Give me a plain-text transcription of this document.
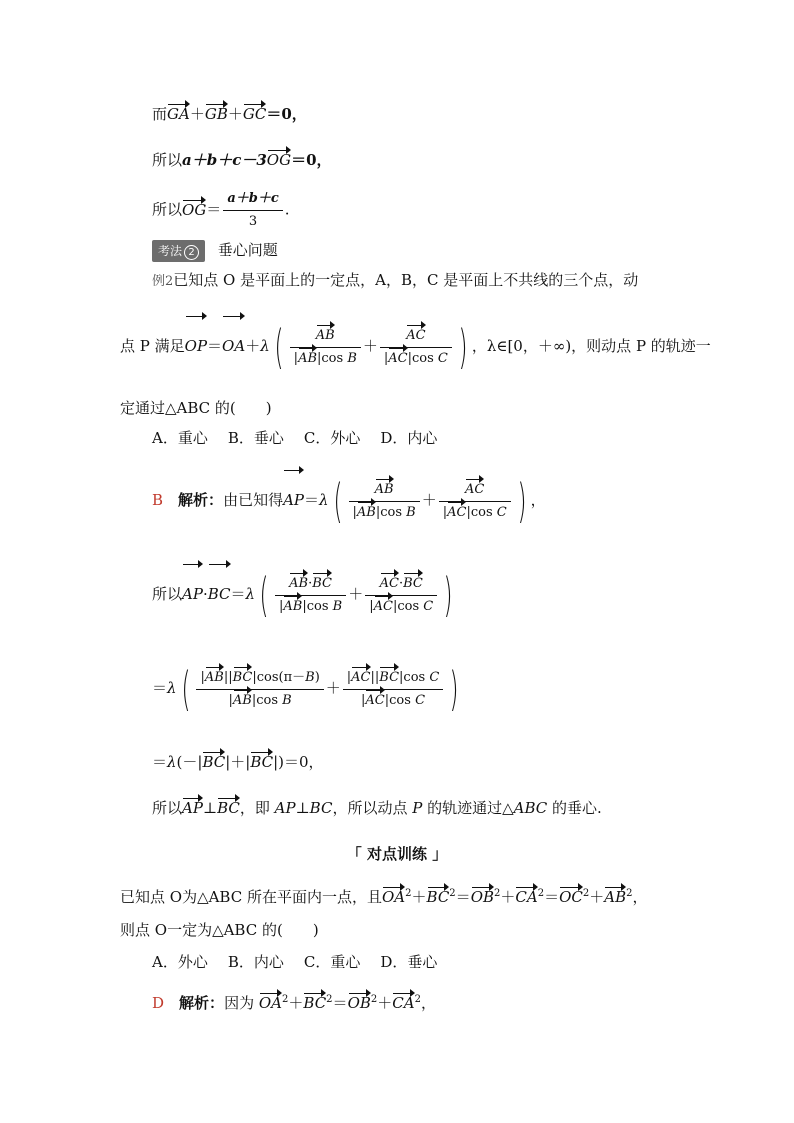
而GA＋GB＋GC＝0，
所以a＋b＋c－3OG＝0，
所以$OG= \frac{a+b+c}{3}$ .
考法 2 垂心问题
例2已知点 O 是平面上的一定点，A，B，C 是平面上不共线的三个点，动
点 P 满足$OP=OA+\lambda( \frac{AB}{\text{|AB|cos B}} + \frac{AC}{\text{|AC|cos C}}$ ) ，λ∈[0，＋∞)，则动点 P 的轨迹一
定通过△ABC 的(　　)
A．重心 B．垂心 C．外心 D．内心
B　 解析：由已知得$AP=\lambda( \frac{AB}{\text{|AB|cos B}} + \frac{AC}{\text{|AC|cos C}}$ ) ，
所以$AP\cdot BC=\lambda( \frac{AB\cdot BC}{\text{|AB|cos B}} + \frac{AC\cdot BC}{\text{|AC|cos C}}$ )
$=\lambda( \frac{|AB||BC|\cos(\pi-B)}{\text{|AB|cos B}} + \frac{\text{|AC||BC|cos C}}{\text{|AC|cos C}}$ )
＝λ(－|BC|＋|BC|)＝0，
所以AP⊥BC，即 AP⊥BC，所以动点 P 的轨迹通过△ABC 的垂心.
「 对点训练 」
已知点 O为△ABC 所在平面内一点，且$OA^2+BC^2=OB^2+CA^2=OC^2+AB^2$，
则点 O一定为△ABC 的(　　)
A．外心 B．内心 C．重心 D．垂心
D　 解析：因为 $OA^2+BC^2=OB^2+CA^2$，
